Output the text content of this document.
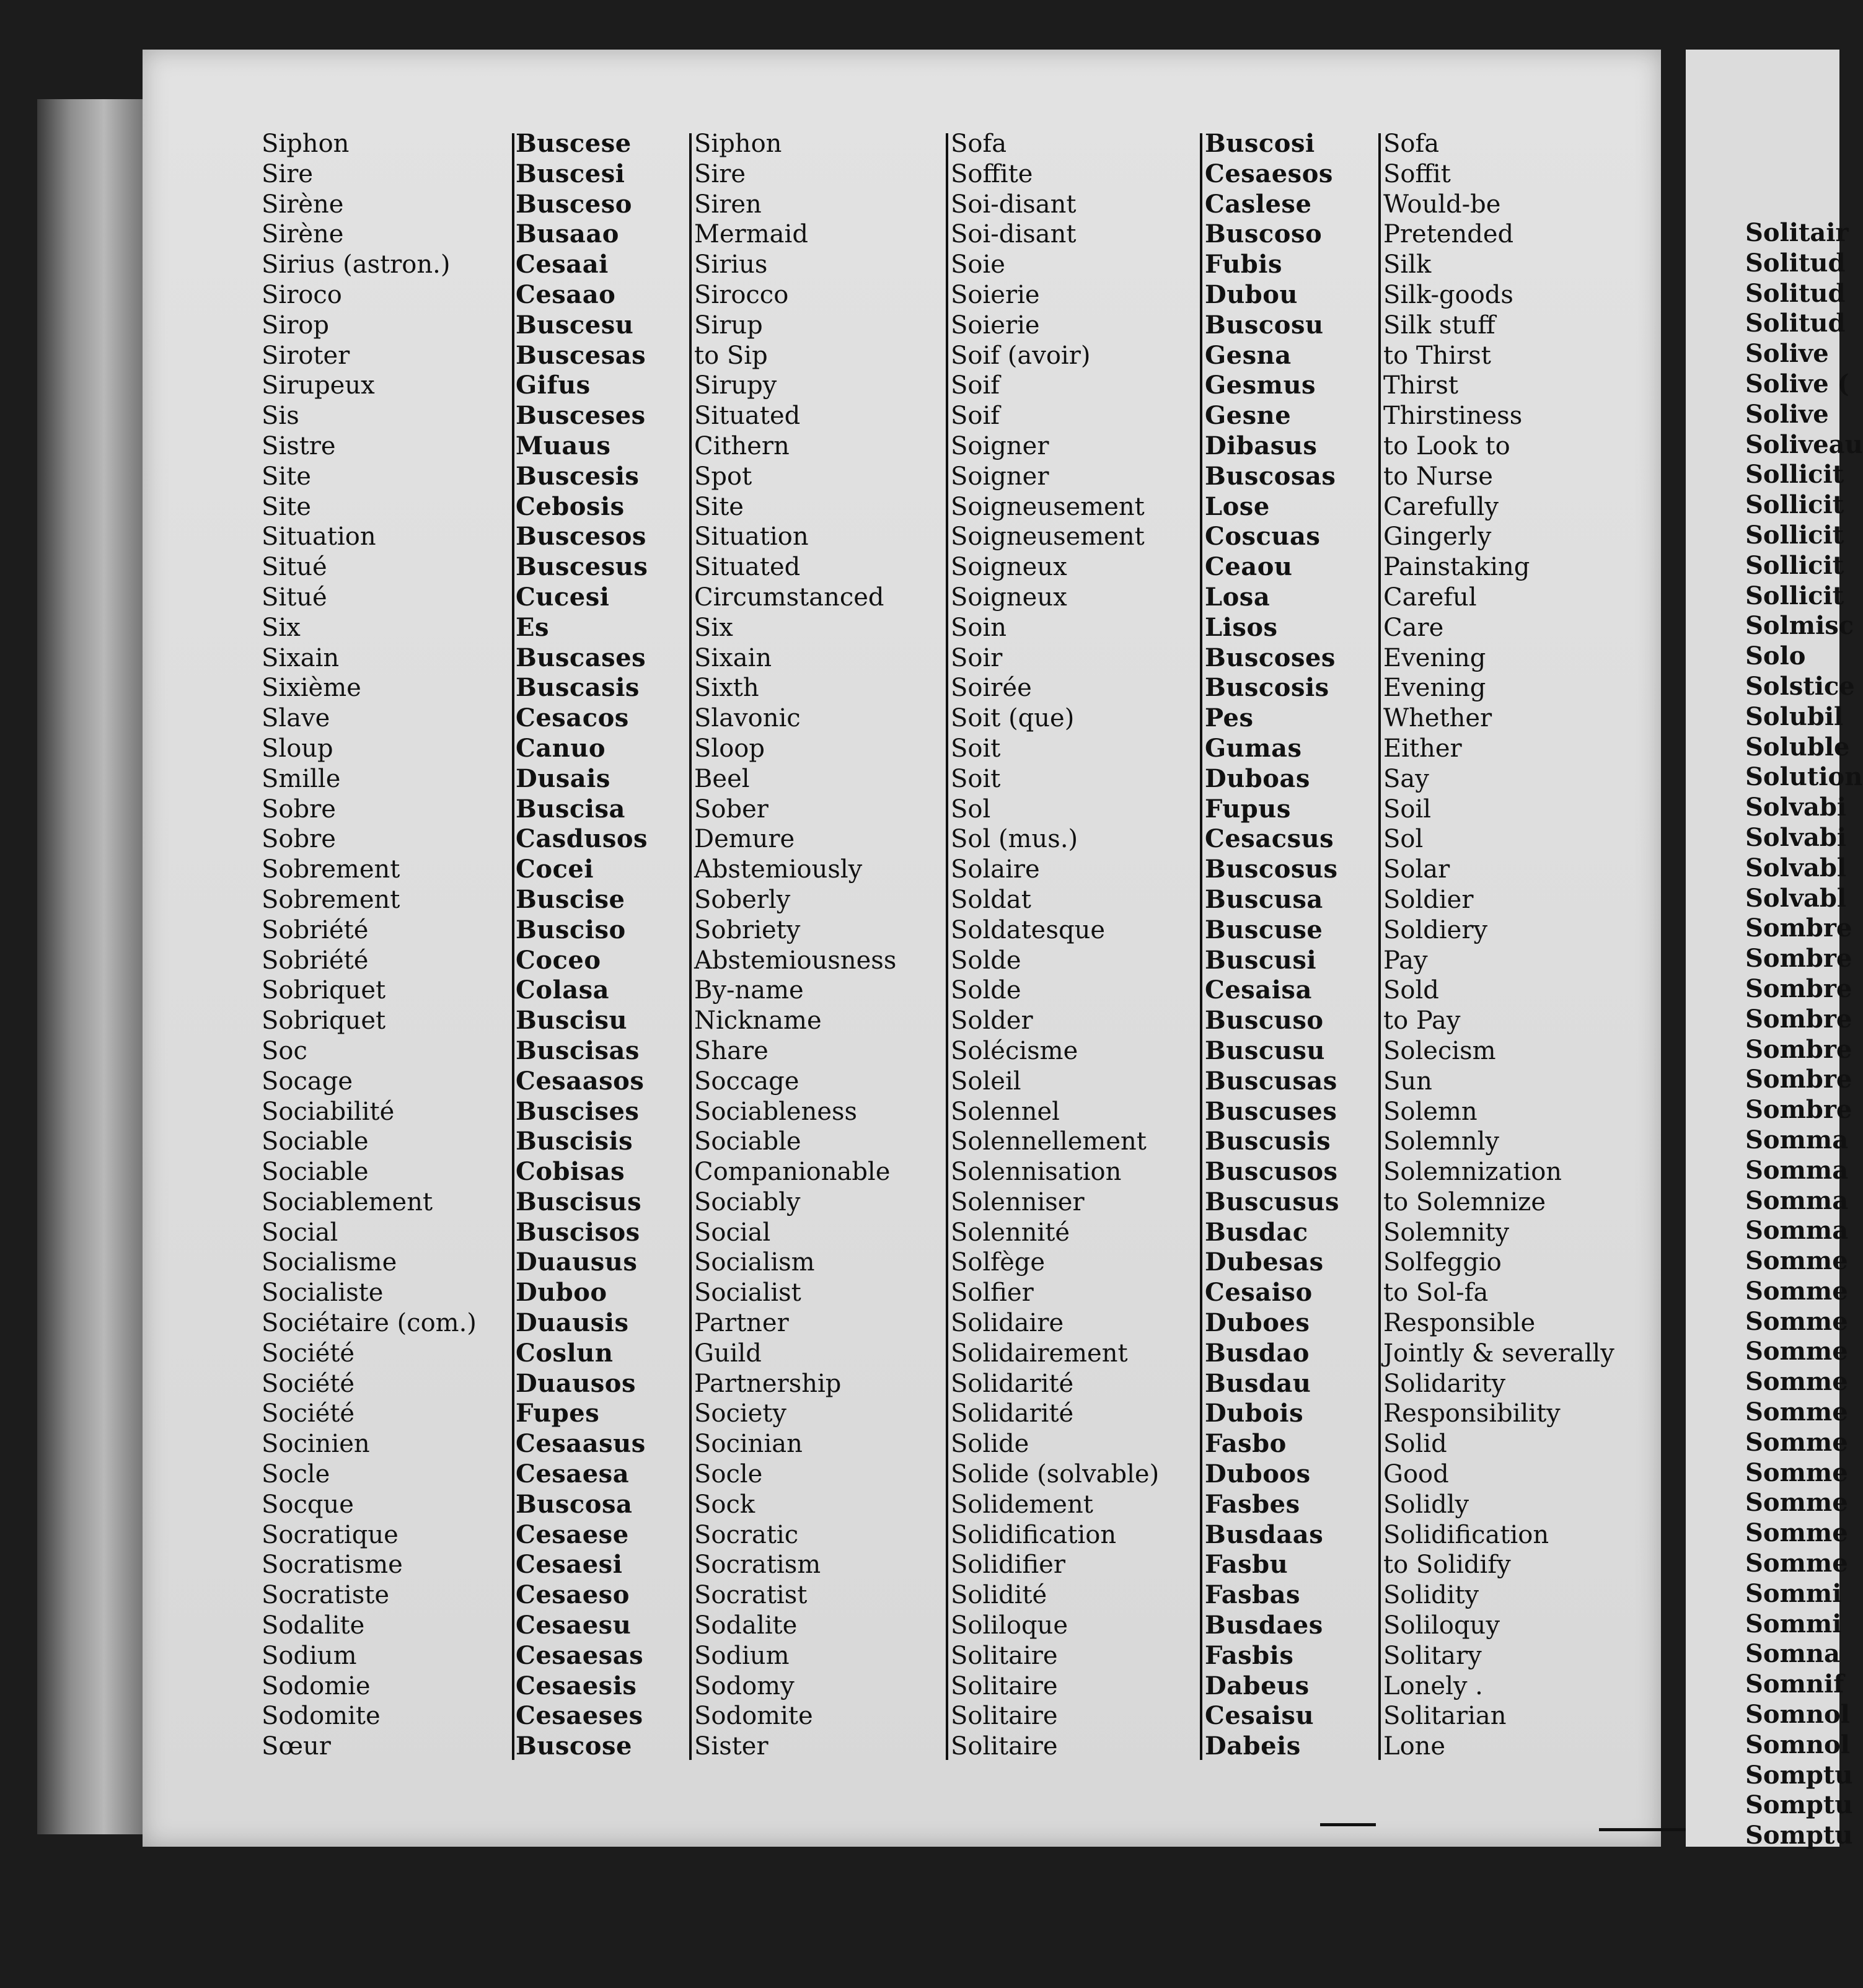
Siphon
Sire
Sirène
Sirène
Sirius (astron.)
Siroco
Sirop
Siroter
Sirupeux
Sis
Sistre
Site
Site
Situation
Situé
Situé
Six
Sixain
Sixième
Slave
Sloup
Smille
Sobre
Sobre
Sobrement
Sobrement
Sobriété
Sobriété
Sobriquet
Sobriquet
Soc
Socage
Sociabilité
Sociable
Sociable
Sociablement
Social
Socialisme
Socialiste
Sociétaire (com.)
Société
Société
Société
Socinien
Socle
Socque
Socratique
Socratisme
Socratiste
Sodalite
Sodium
Sodomie
Sodomite
Sœur
Buscese
Buscesi
Busceso
Busaao
Cesaai
Cesaao
Buscesu
Buscesas
Gifus
Busceses
Muaus
Buscesis
Cebosis
Buscesos
Buscesus
Cucesi
Es
Buscases
Buscasis
Cesacos
Canuo
Dusais
Buscisa
Casdusos
Cocei
Buscise
Busciso
Coceo
Colasa
Buscisu
Buscisas
Cesaasos
Buscises
Buscisis
Cobisas
Buscisus
Buscisos
Duausus
Duboo
Duausis
Coslun
Duausos
Fupes
Cesaasus
Cesaesa
Buscosa
Cesaese
Cesaesi
Cesaeso
Cesaesu
Cesaesas
Cesaesis
Cesaeses
Buscose
Siphon
Sire
Siren
Mermaid
Sirius
Sirocco
Sirup
to Sip
Sirupy
Situated
Cithern
Spot
Site
Situation
Situated
Circumstanced
Six
Sixain
Sixth
Slavonic
Sloop
Beel
Sober
Demure
Abstemiously
Soberly
Sobriety
Abstemiousness
By-name
Nickname
Share
Soccage
Sociableness
Sociable
Companionable
Sociably
Social
Socialism
Socialist
Partner
Guild
Partnership
Society
Socinian
Socle
Sock
Socratic
Socratism
Socratist
Sodalite
Sodium
Sodomy
Sodomite
Sister
Sofa
Soffite
Soi-disant
Soi-disant
Soie
Soierie
Soierie
Soif (avoir)
Soif
Soif
Soigner
Soigner
Soigneusement
Soigneusement
Soigneux
Soigneux
Soin
Soir
Soirée
Soit (que)
Soit
Soit
Sol
Sol (mus.)
Solaire
Soldat
Soldatesque
Solde
Solde
Solder
Solécisme
Soleil
Solennel
Solennellement
Solennisation
Solenniser
Solennité
Solfège
Solfier
Solidaire
Solidairement
Solidarité
Solidarité
Solide
Solide (solvable)
Solidement
Solidification
Solidifier
Solidité
Soliloque
Solitaire
Solitaire
Solitaire
Solitaire
Buscosi
Cesaesos
Caslese
Buscoso
Fubis
Dubou
Buscosu
Gesna
Gesmus
Gesne
Dibasus
Buscosas
Lose
Coscuas
Ceaou
Losa
Lisos
Buscoses
Buscosis
Pes
Gumas
Duboas
Fupus
Cesacsus
Buscosus
Buscusa
Buscuse
Buscusi
Cesaisa
Buscuso
Buscusu
Buscusas
Buscuses
Buscusis
Buscusos
Buscusus
Busdac
Dubesas
Cesaiso
Duboes
Busdao
Busdau
Dubois
Fasbo
Duboos
Fasbes
Busdaas
Fasbu
Fasbas
Busdaes
Fasbis
Dabeus
Cesaisu
Dabeis
Sofa
Soffit
Would-be
Pretended
Silk
Silk-goods
Silk stuff
to Thirst
Thirst
Thirstiness
to Look to
to Nurse
Carefully
Gingerly
Painstaking
Careful
Care
Evening
Evening
Whether
Either
Say
Soil
Sol
Solar
Soldier
Soldiery
Pay
Sold
to Pay
Solecism
Sun
Solemn
Solemnly
Solemnization
to Solemnize
Solemnity
Solfeggio
to Sol-fa
Responsible
Jointly & severally
Solidarity
Responsibility
Solid
Good
Solidly
Solidification
to Solidify
Solidity
Soliloquy
Solitary
Lonely .
Solitarian
Lone
Solitair
Solitud
Solitud
Solitud
Solive
Solive (
Solive
Soliveau
Sollicit
Sollicit
Sollicit
Sollicit
Sollicit
Solmisc
Solo
Solstice
Solubil
Soluble
Solution
Solvabi
Solvabi
Solvabl
Solvabl
Sombre
Sombre
Sombre
Sombre
Sombre
Sombre
Sombre
Somma
Somma
Somma
Somma
Somme
Somme
Somme
Somme
Somme
Somme
Somme
Somme
Somme
Somme
Somme
Sommi
Sommi
Somna
Somnif
Somnol
Somnol
Somptu
Somptu
Somptu
